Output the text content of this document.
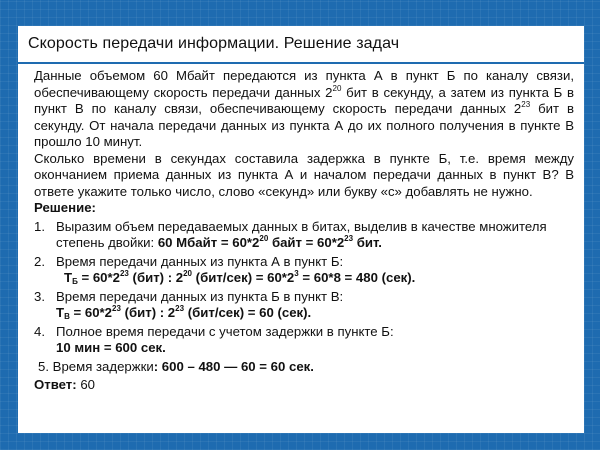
Скорость передачи информации. Решение задач

Данные объемом 60 Мбайт передаются из пункта А в пункт Б по каналу связи, обеспечивающему скорость передачи данных $2^{20}$ бит в секунду, а затем из пункта Б в пункт В по каналу связи, обеспечивающему скорость передачи данных $2^{23}$ бит в секунду. От начала передачи данных из пункта А до их полного получения в пункте В прошло 10 минут.

Сколько времени в секундах составила задержка в пункте Б, т.е. время между окончанием приема данных из пункта А и началом передачи данных в пункт В? В ответе укажите только число, слово «секунд» или букву «с» добавлять не нужно.

Решение:
1. Выразим объем передаваемых данных в битах, выделив в качестве множителя степень двойки: 60 Мбайт = $60*2^{20}$ байт = $60*2^{23}$ бит.
2. Время передачи данных из пункта А в пункт Б:
$Т_Б = 60*2^{23}$ (бит) : $2^{20}$ $(бит/сек) = 60*2^3 = 60*8 = 480$ (сек).
3. Время передачи данных из пункта Б в пункт В:
$Т_В = 60*2^{23}$ (бит) : $2^{23}$ (бит/сек) = 60 (сек).
4. Полное время передачи с учетом задержки в пункте Б:
10 мин = 600 сек.
5. Время задержки: 600 – 480 — 60 = 60 сек.
Ответ: 60
